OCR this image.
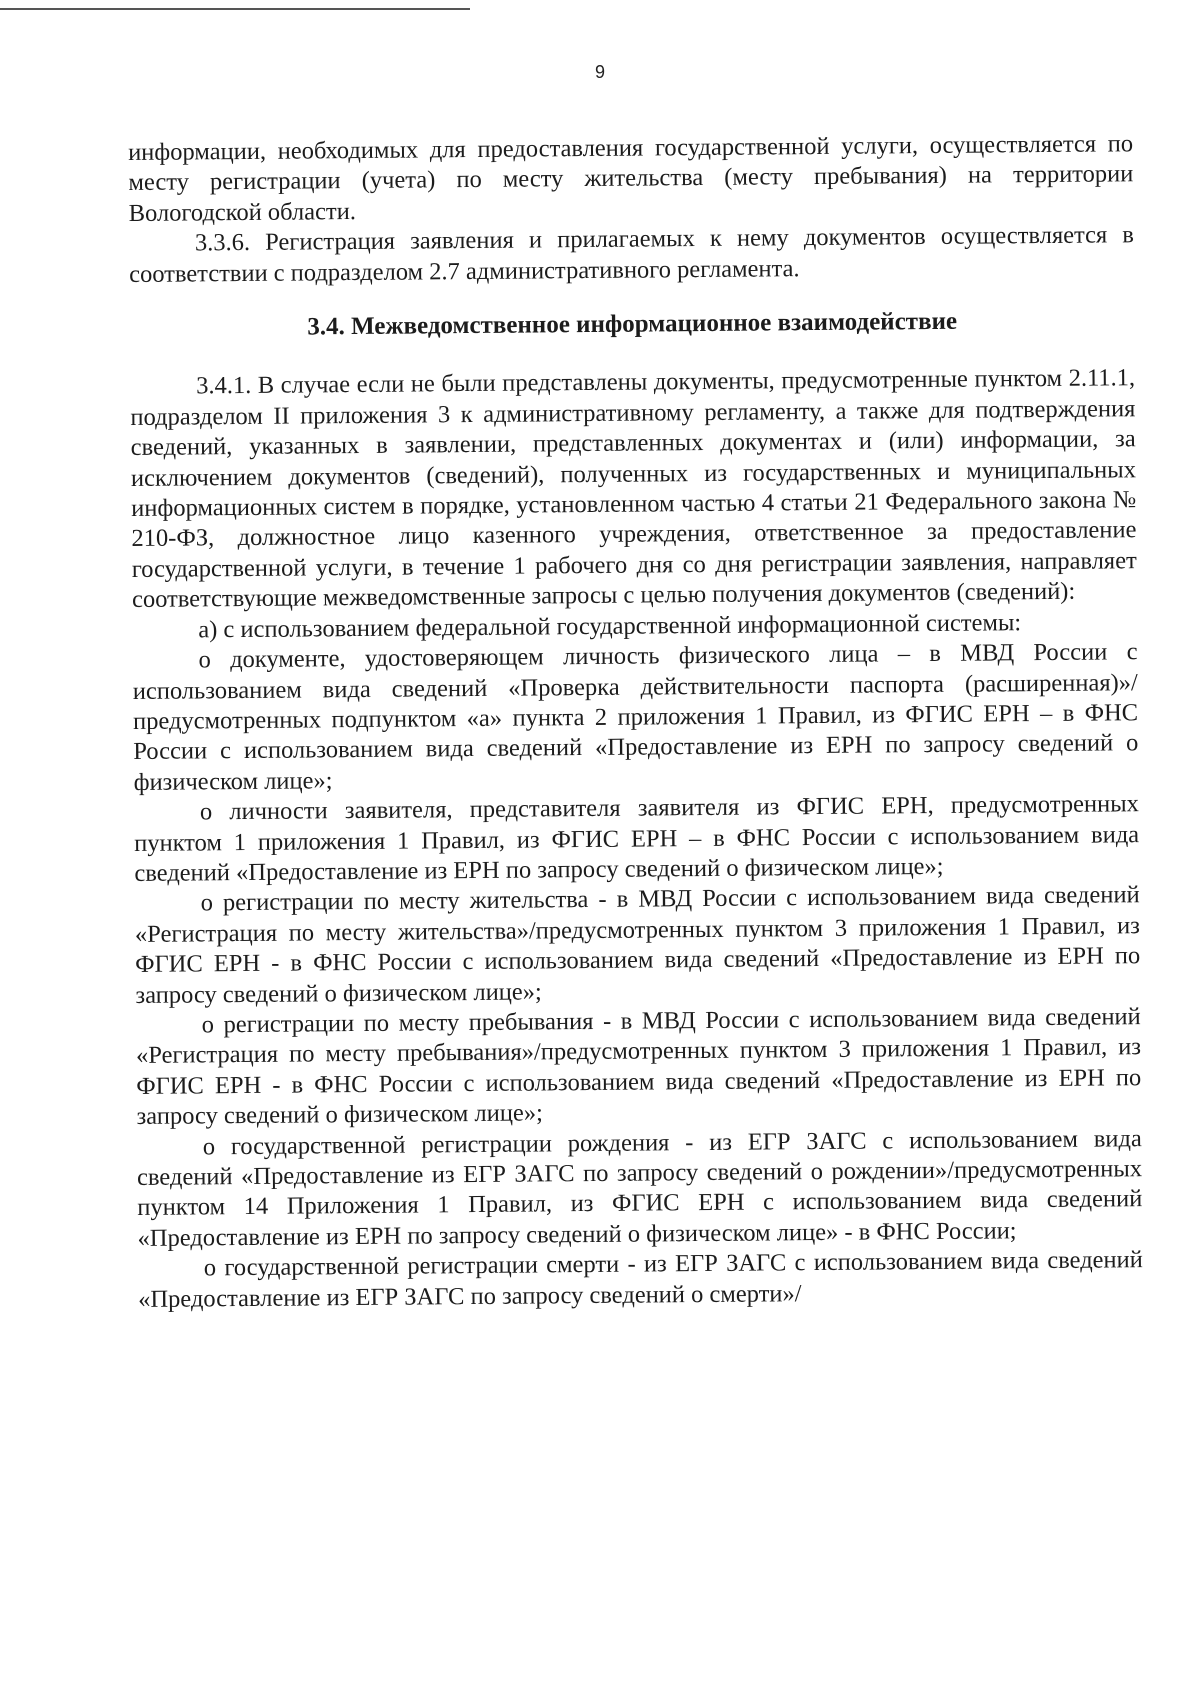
9

информации, необходимых для предоставления государственной услуги, осуществляется по месту регистрации (учета) по месту жительства (месту пребывания) на территории Вологодской области.

3.3.6. Регистрация заявления и прилагаемых к нему документов осуществляется в соответствии с подразделом 2.7 административного регламента.

3.4. Межведомственное информационное взаимодействие

3.4.1. В случае если не были представлены документы, предусмотренные пунктом 2.11.1, подразделом II приложения 3 к административному регламенту, а также для подтверждения сведений, указанных в заявлении, представленных документах и (или) информации, за исключением документов (сведений), полученных из государственных и муниципальных информационных систем в порядке, установленном частью 4 статьи 21 Федерального закона № 210-ФЗ, должностное лицо казенного учреждения, ответственное за предоставление государственной услуги, в течение 1 рабочего дня со дня регистрации заявления, направляет соответствующие межведомственные запросы с целью получения документов (сведений):

а) с использованием федеральной государственной информационной системы:

о документе, удостоверяющем личность физического лица – в МВД России с использованием вида сведений «Проверка действительности паспорта (расширенная)»/предусмотренных подпунктом «а» пункта 2 приложения 1 Правил, из ФГИС ЕРН – в ФНС России с использованием вида сведений «Предоставление из ЕРН по запросу сведений о физическом лице»;

о личности заявителя, представителя заявителя из ФГИС ЕРН, предусмотренных пунктом 1 приложения 1 Правил, из ФГИС ЕРН – в ФНС России с использованием вида сведений «Предоставление из ЕРН по запросу сведений о физическом лице»;

о регистрации по месту жительства - в МВД России с использованием вида сведений «Регистрация по месту жительства»/предусмотренных пунктом 3 приложения 1 Правил, из ФГИС ЕРН - в ФНС России с использованием вида сведений «Предоставление из ЕРН по запросу сведений о физическом лице»;

о регистрации по месту пребывания - в МВД России с использованием вида сведений «Регистрация по месту пребывания»/предусмотренных пунктом 3 приложения 1 Правил, из ФГИС ЕРН - в ФНС России с использованием вида сведений «Предоставление из ЕРН по запросу сведений о физическом лице»;

о государственной регистрации рождения - из ЕГР ЗАГС с использованием вида сведений «Предоставление из ЕГР ЗАГС по запросу сведений о рождении»/предусмотренных пунктом 14 Приложения 1 Правил, из ФГИС ЕРН с использованием вида сведений «Предоставление из ЕРН по запросу сведений о физическом лице» - в ФНС России;

о государственной регистрации смерти - из ЕГР ЗАГС с использованием вида сведений «Предоставление из ЕГР ЗАГС по запросу сведений о смерти»/
